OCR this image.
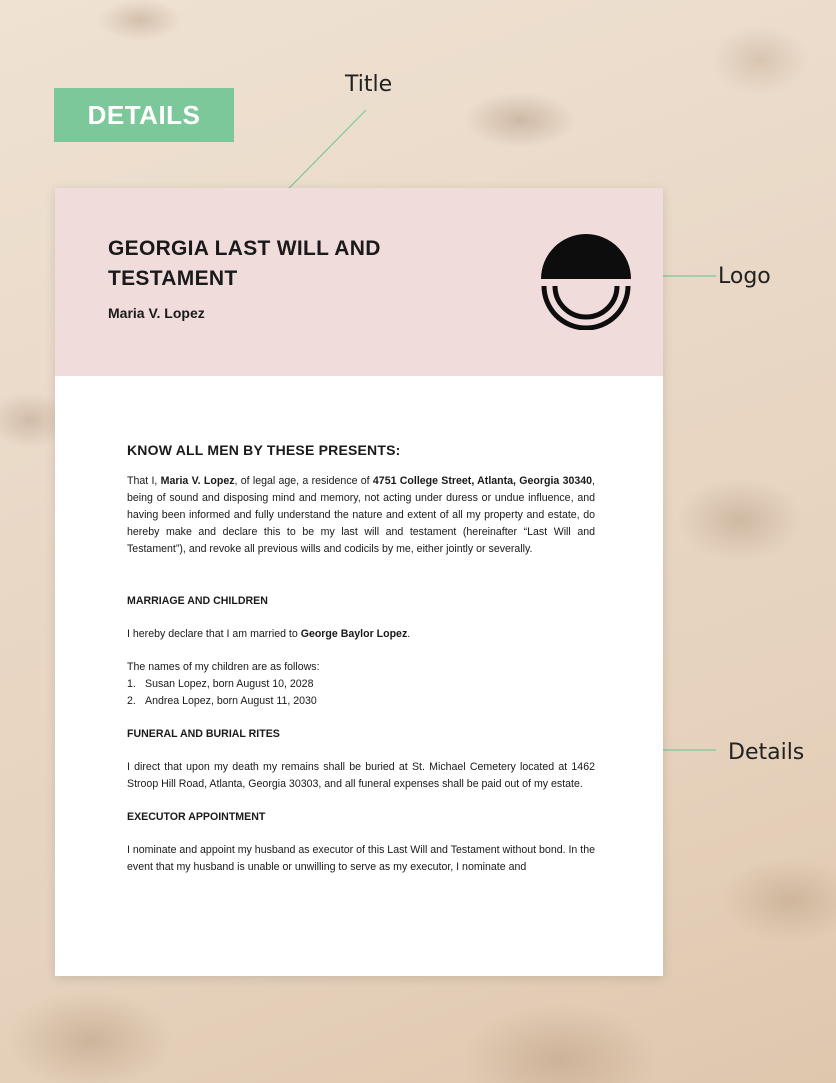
DETAILS
Title
Logo
Details
GEORGIA LAST WILL AND TESTAMENT
Maria V. Lopez

KNOW ALL MEN BY THESE PRESENTS:

That I, Maria V. Lopez, of legal age, a residence of 4751 College Street, Atlanta, Georgia 30340, being of sound and disposing mind and memory, not acting under duress or undue influence, and having been informed and fully understand the nature and extent of all my property and estate, do hereby make and declare this to be my last will and testament (hereinafter “Last Will and Testament”), and revoke all previous wills and codicils by me, either jointly or severally.

MARRIAGE AND CHILDREN

I hereby declare that I am married to George Baylor Lopez.

The names of my children are as follows:

1. Susan Lopez, born August 10, 2028
2. Andrea Lopez, born August 11, 2030

FUNERAL AND BURIAL RITES

I direct that upon my death my remains shall be buried at St. Michael Cemetery located at 1462 Stroop Hill Road, Atlanta, Georgia 30303, and all funeral expenses shall be paid out of my estate.

EXECUTOR APPOINTMENT

I nominate and appoint my husband as executor of this Last Will and Testament without bond. In the event that my husband is unable or unwilling to serve as my executor, I nominate and
